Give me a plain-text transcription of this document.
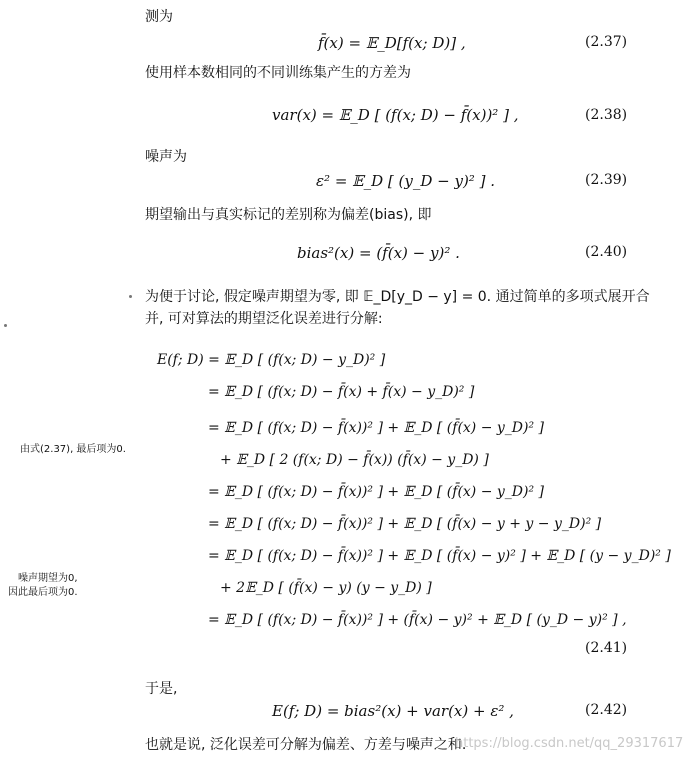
测为
f̄(x) = 𝔼_D[f(x; D)] ,	(2.37)
使用样本数相同的不同训练集产生的方差为
var(x) = 𝔼_D [ (f(x; D) − f̄(x))² ] ,	(2.38)
噪声为
ε² = 𝔼_D [ (y_D − y)² ] .	(2.39)
期望输出与真实标记的差别称为偏差(bias), 即
bias²(x) = (f̄(x) − y)² .	(2.40)
为便于讨论, 假定噪声期望为零, 即 𝔼_D[y_D − y] = 0. 通过简单的多项式展开合
并, 可对算法的期望泛化误差进行分解:
E(f; D) = 𝔼_D [ (f(x; D) − y_D)² ]
= 𝔼_D [ (f(x; D) − f̄(x) + f̄(x) − y_D)² ]
= 𝔼_D [ (f(x; D) − f̄(x))² ] + 𝔼_D [ (f̄(x) − y_D)² ]
+ 𝔼_D [ 2 (f(x; D) − f̄(x)) (f̄(x) − y_D) ]
= 𝔼_D [ (f(x; D) − f̄(x))² ] + 𝔼_D [ (f̄(x) − y_D)² ]
= 𝔼_D [ (f(x; D) − f̄(x))² ] + 𝔼_D [ (f̄(x) − y + y − y_D)² ]
= 𝔼_D [ (f(x; D) − f̄(x))² ] + 𝔼_D [ (f̄(x) − y)² ] + 𝔼_D [ (y − y_D)² ]
+ 2𝔼_D [ (f̄(x) − y) (y − y_D) ]
= 𝔼_D [ (f(x; D) − f̄(x))² ] + (f̄(x) − y)² + 𝔼_D [ (y_D − y)² ] ,
(2.41)
由式(2.37), 最后项为0.
噪声期望为0,
因此最后项为0.
于是,
E(f; D) = bias²(x) + var(x) + ε² ,	(2.42)
也就是说, 泛化误差可分解为偏差、方差与噪声之和.
https://blog.csdn.net/qq_29317617
